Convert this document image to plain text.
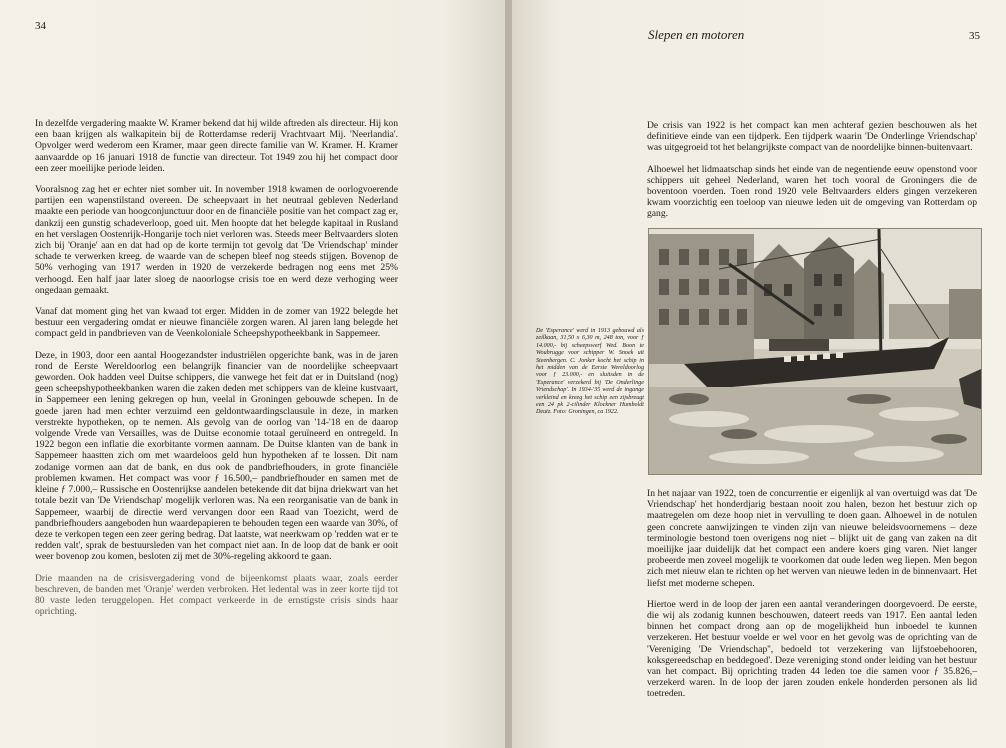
34

In dezelfde vergadering maakte W. Kramer bekend dat hij wilde aftreden als directeur. Hij kon een baan krijgen als walkapitein bij de Rotterdamse rederij Vrachtvaart Mij. 'Neerlandia'. Opvolger werd wederom een Kramer, maar geen directe familie van W. Kramer. H. Kramer aanvaardde op 16 januari 1918 de functie van directeur. Tot 1949 zou hij het compact door een zeer moeilijke periode leiden.

Vooralsnog zag het er echter niet somber uit. In november 1918 kwamen de oorlogvoerende partijen een wapenstilstand overeen. De scheepvaart in het neutraal gebleven Nederland maakte een periode van hoogconjunctuur door en de financiële positie van het compact zag er, dankzij een gunstig schadeverloop, goed uit. Men hoopte dat het belegde kapitaal in Rusland en het verslagen Oostenrijk-Hongarije toch niet verloren was. Steeds meer Beltvaarders sloten zich bij 'Oranje' aan en dat had op de korte termijn tot gevolg dat 'De Vriendschap' minder schade te verwerken kreeg. de waarde van de schepen bleef nog steeds stijgen. Bovenop de 50% verhoging van 1917 werden in 1920 de verzekerde bedragen nog eens met 25% verhoogd. Een half jaar later sloeg de naoorlogse crisis toe en werd deze verhoging weer ongedaan gemaakt.

Vanaf dat moment ging het van kwaad tot erger. Midden in de zomer van 1922 belegde het bestuur een vergadering omdat er nieuwe financiële zorgen waren. Al jaren lang belegde het compact geld in pandbrieven van de Veenkoloniale Scheepshypotheekbank in Sappemeer.

Deze, in 1903, door een aantal Hoogezandster industriëlen opgerichte bank, was in de jaren rond de Eerste Wereldoorlog een belangrijk financier van de noordelijke scheepvaart geworden. Ook hadden veel Duitse schippers, die vanwege het feit dat er in Duitsland (nog) geen scheepshypotheekbanken waren die zaken deden met schippers van de kleine kustvaart, in Sappemeer een lening gekregen op hun, veelal in Groningen gebouwde schepen. In de goede jaren had men echter verzuimd een geldontwaardingsclausule in deze, in marken verstrekte hypotheken, op te nemen. Als gevolg van de oorlog van '14-'18 en de daarop volgende Vrede van Versailles, was de Duitse economie totaal geruïneerd en ontregeld. In 1922 begon een inflatie die exorbitante vormen aannam. De Duitse klanten van de bank in Sappemeer haastten zich om met waardeloos geld hun hypotheken af te lossen. Dit nam zodanige vormen aan dat de bank, en dus ook de pandbriefhouders, in grote financiële problemen kwamen. Het compact was voor ƒ 16.500,– pandbriefhouder en samen met de kleine ƒ 7.000,– Russische en Oostenrijkse aandelen betekende dit dat bijna driekwart van het totale bezit van 'De Vriendschap' mogelijk verloren was. Na een reorganisatie van de bank in Sappemeer, waarbij de directie werd vervangen door een Raad van Toezicht, werd de pandbriefhouders aangeboden hun waardepapieren te behouden tegen een waarde van 30%, of deze te verkopen tegen een zeer gering bedrag. Dat laatste, wat neerkwam op 'redden wat er te redden valt', sprak de bestuursleden van het compact niet aan. In de loop dat de bank er ooit weer bovenop zou komen, besloten zij met de 30%-regeling akkoord te gaan.

Drie maanden na de crisisvergadering vond de bijeenkomst plaats waar, zoals eerder beschreven, de banden met 'Oranje' werden verbroken. Het ledental was in zeer korte tijd tot 80 vaste leden teruggelopen. Het compact verkeerde in de ernstigste crisis sinds haar oprichting.

Slepen en motoren	35

De crisis van 1922 is het compact kan men achteraf gezien beschouwen als het definitieve einde van een tijdperk. Een tijdperk waarin 'De Onderlinge Vriendschap' was uitgegroeid tot het belangrijkste compact van de noordelijke binnen-buitenvaart.

Alhoewel het lidmaatschap sinds het einde van de negentiende eeuw openstond voor schippers uit geheel Nederland, waren het toch vooral de Groningers die de boventoon voerden. Toen rond 1920 vele Beltvaarders elders gingen verzekeren kwam voorzichtig een toeloop van nieuwe leden uit de omgeving van Rotterdam op gang.

In het najaar van 1922, toen de concurrentie er eigenlijk al van overtuigd was dat 'De Vriendschap' het honderdjarig bestaan nooit zou halen, bezon het bestuur zich op maatregelen om deze hoop niet in vervulling te doen gaan. Alhoewel in de notulen geen concrete aanwijzingen te vinden zijn van nieuwe beleidsvoornemens – deze terminologie bestond toen overigens nog niet – blijkt uit de gang van zaken na dit moeilijke jaar duidelijk dat het compact een andere koers ging varen. Niet langer probeerde men zoveel mogelijk te voorkomen dat oude leden weg liepen. Men begon zich met nieuw elan te richten op het werven van nieuwe leden in de binnenvaart. Het liefst met moderne schepen.

Hiertoe werd in de loop der jaren een aantal veranderingen doorgevoerd. De eerste, die wij als zodanig kunnen beschouwen, dateert reeds van 1917. Een aantal leden binnen het compact drong aan op de mogelijkheid hun inboedel te kunnen verzekeren. Het bestuur voelde er wel voor en het gevolg was de oprichting van de 'Vereniging 'De Vriendschap'', bedoeld tot verzekering van lijfstoebehooren, koksgereedschap en beddegoed'. Deze vereniging stond onder leiding van het bestuur van het compact. Bij oprichting traden 44 leden toe die samen voor ƒ 35.826,– verzekerd waren. In de loop der jaren zouden enkele honderden personen als lid toetreden.

De 'Esperance' werd in 1913 gebouwd als zeilkaan, 31,50 x 6,30 m, 248 ton, voor ƒ 14.000,- bij scheepswerf Wed. Boon te Woubrugge voor schipper W. Snoek uit Steenbergen. C. Jonker kocht het schip in het midden van de Eerste Wereldoorlog voor ƒ 23.000,- en sluitsden in de 'Esperance' verzekerd bij 'De Onderlinge Vriendschap'. In 1934-'35 werd de ingange verkleind en kreeg het schip een zijsbreugt een 24 pk 2-cilinder Klockner Humboldt Deutz. Foto: Groningen, ca 1922.
